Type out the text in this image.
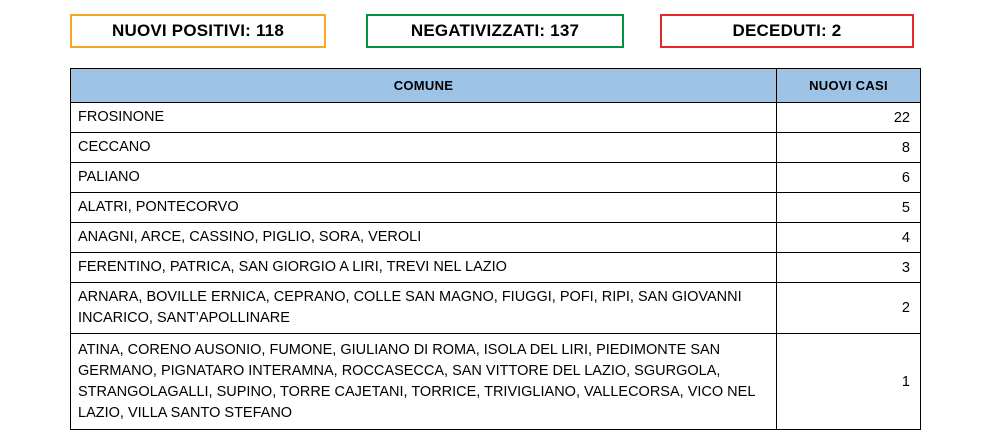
NUOVI POSITIVI: 118	NEGATIVIZZATI: 137	DECEDUTI: 2
COMUNE	NUOVI CASI
FROSINONE	22
CECCANO	8
PALIANO	6
ALATRI, PONTECORVO	5
ANAGNI, ARCE, CASSINO, PIGLIO, SORA, VEROLI	4
FERENTINO, PATRICA, SAN GIORGIO A LIRI, TREVI NEL LAZIO	3
ARNARA, BOVILLE ERNICA, CEPRANO, COLLE SAN MAGNO, FIUGGI, POFI, RIPI, SAN GIOVANNI INCARICO, SANT’APOLLINARE	2
ATINA, CORENO AUSONIO, FUMONE, GIULIANO DI ROMA, ISOLA DEL LIRI, PIEDIMONTE SAN GERMANO, PIGNATARO INTERAMNA, ROCCASECCA, SAN VITTORE DEL LAZIO, SGURGOLA, STRANGOLAGALLI, SUPINO, TORRE CAJETANI, TORRICE, TRIVIGLIANO, VALLECORSA, VICO NEL LAZIO, VILLA SANTO STEFANO	1
